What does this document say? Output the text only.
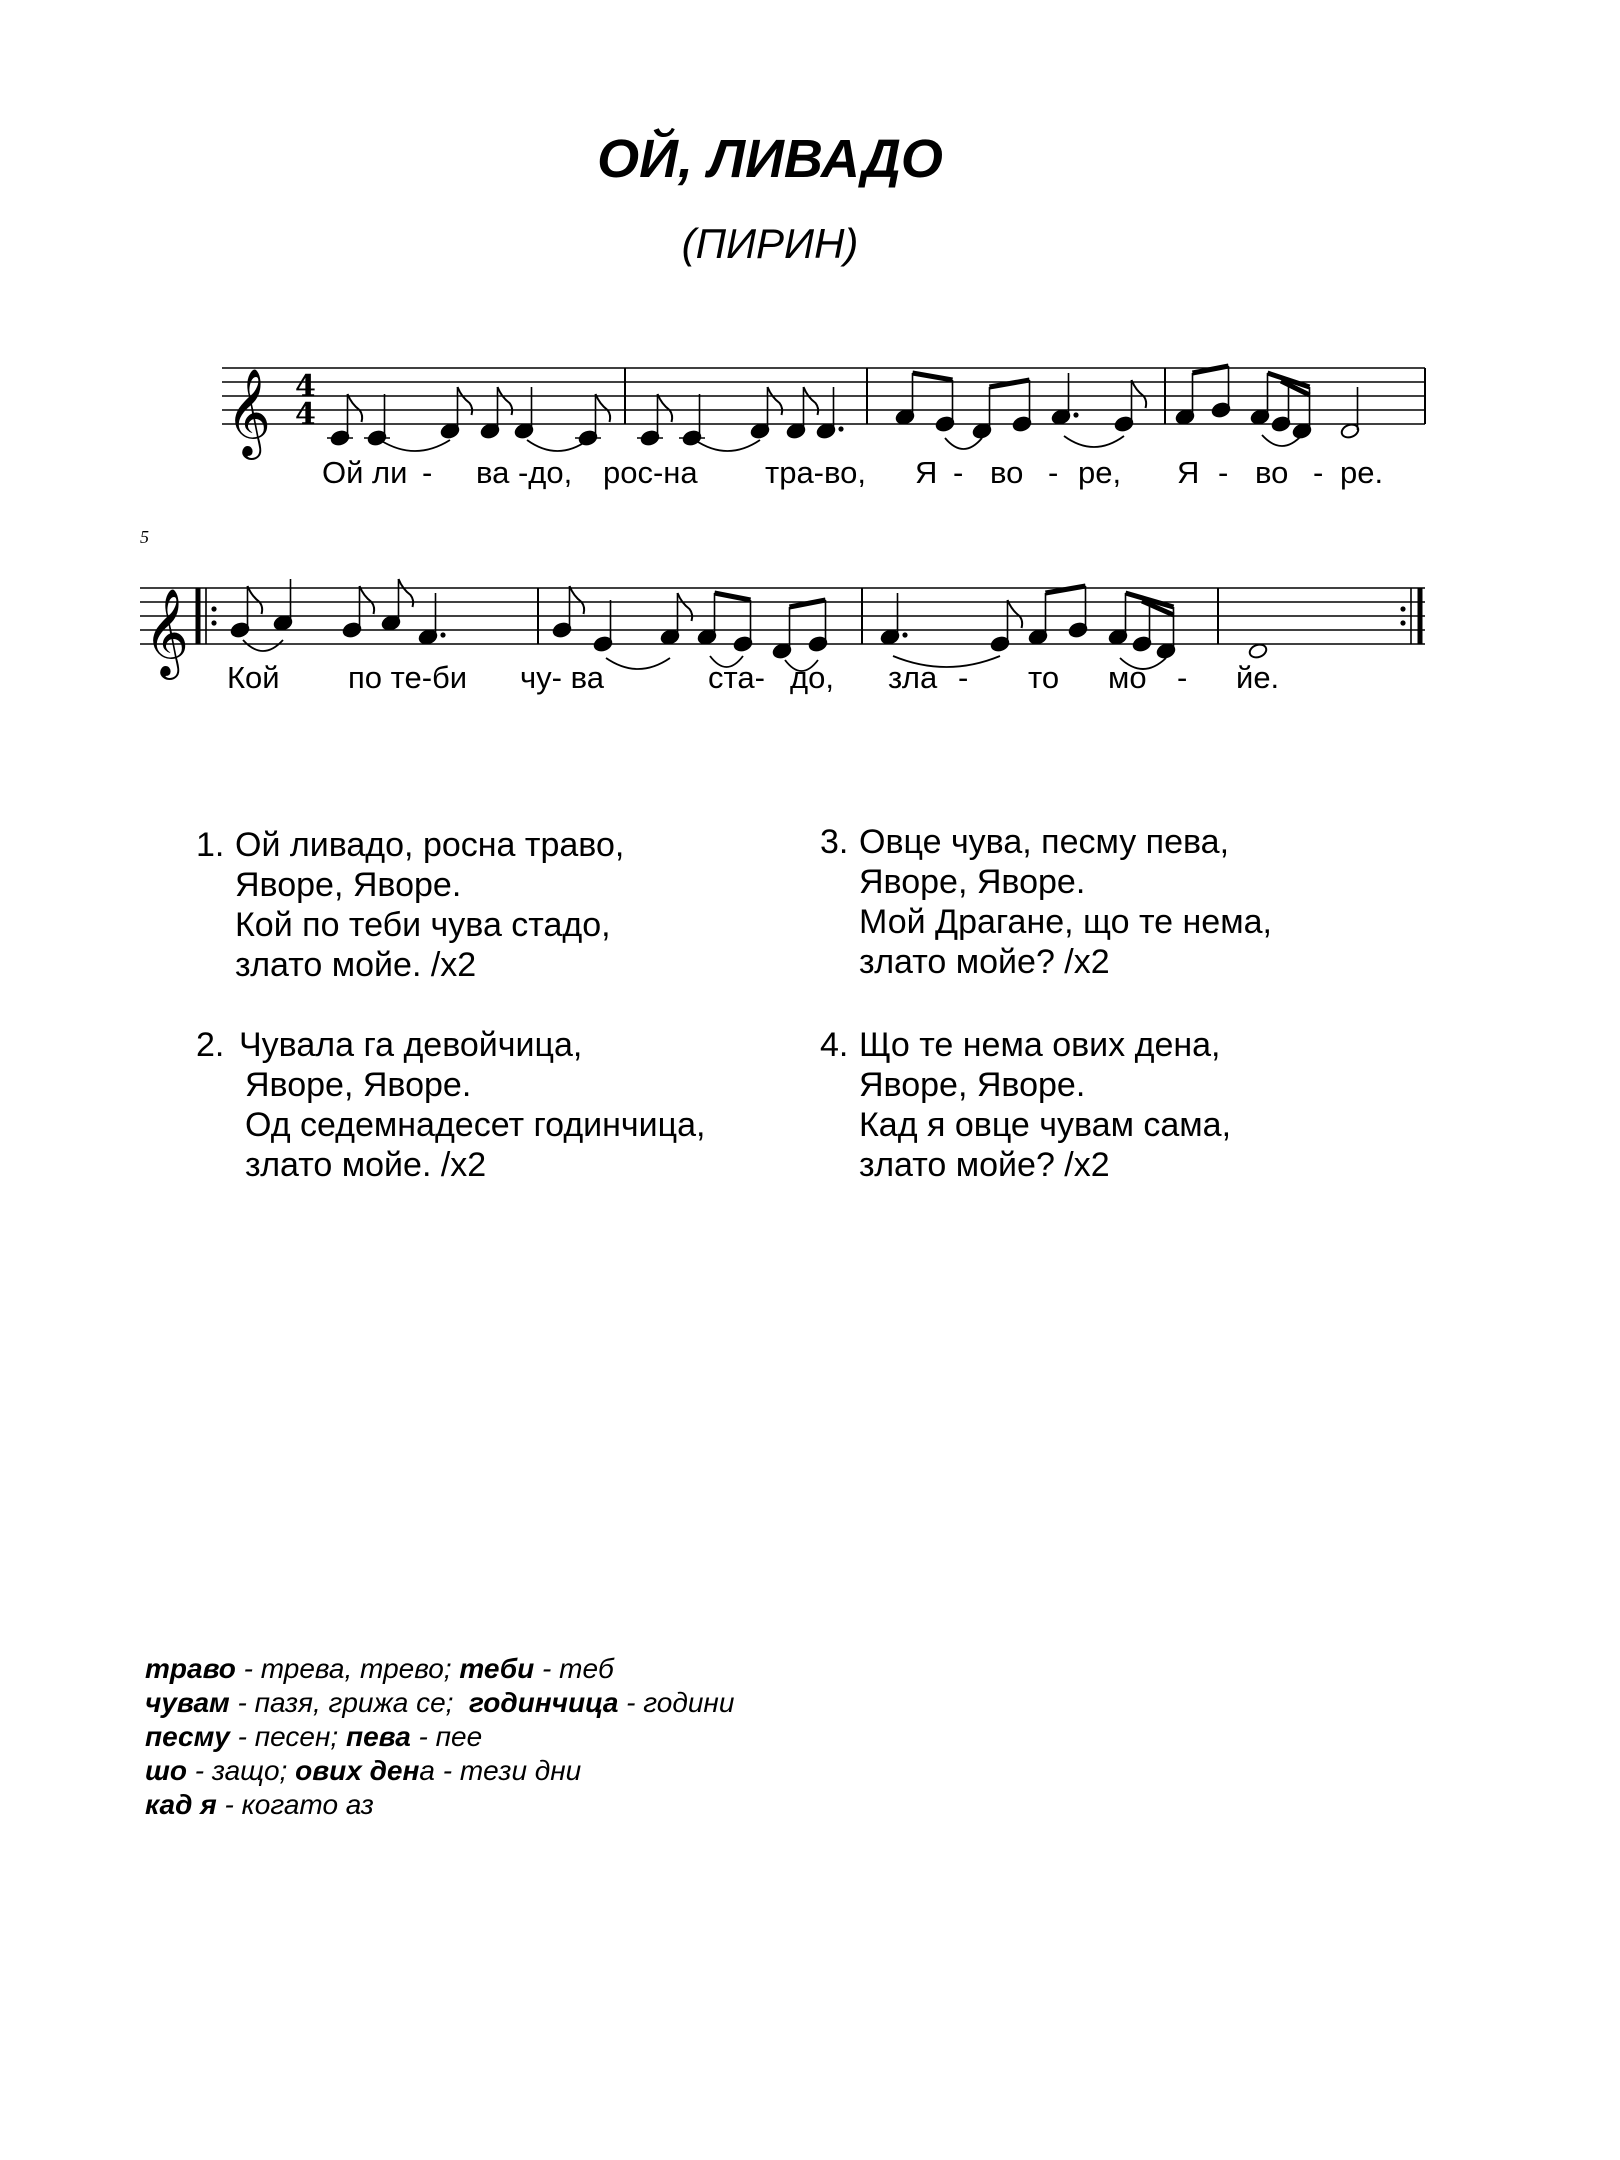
ОЙ, ЛИВАДО
(ПИРИН)
𝄞 4
4
Ой ли - ва -до, рос-на тра-во, Я - во - ре, Я - во - ре.
5
𝄞
Кой по те-би чу- ва	ста- до, зла - то мо - йе.
1. Ой ливадо, росна траво,
Яворе, Яворе.
Кой по теби чува стадо,
злато мойе. /х2
2. Чувала га девойчица,
Яворе, Яворе.
Од седемнадесет годинчица,
злато мойе. /х2
3. Овце чува, песму пева,
Яворе, Яворе.
Мой Драгане, що те нема,
злато мойе? /х2
4. Що те нема ових дена,
Яворе, Яворе.
Кад я овце чувам сама,
злато мойе? /х2
траво - трева, трево; теби - теб
чувам - пазя, грижа се;  годинчица - години
песму - песен; пева - пее
шо - защо; ових дена - тези дни
кад я - когато аз
